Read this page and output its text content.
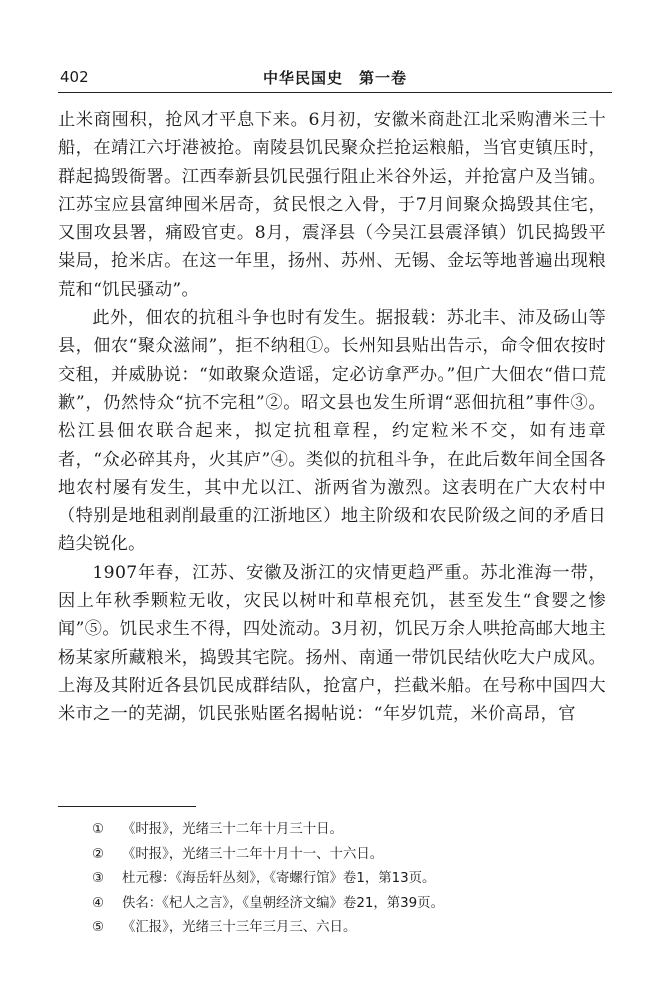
402	中华民国史　第一卷

止米商囤积，抢风才平息下来。6月初，安徽米商赴江北采购漕米三十船，在靖江六圩港被抢。南陵县饥民聚众拦抢运粮船，当官吏镇压时，群起捣毁衙署。江西奉新县饥民强行阻止米谷外运，并抢富户及当铺。江苏宝应县富绅囤米居奇，贫民恨之入骨，于7月间聚众捣毁其住宅，又围攻县署，痛殴官吏。8月，震泽县（今吴江县震泽镇）饥民捣毁平粜局，抢米店。在这一年里，扬州、苏州、无锡、金坛等地普遍出现粮荒和“饥民骚动”。

此外，佃农的抗租斗争也时有发生。据报载：苏北丰、沛及砀山等县，佃农“聚众滋闹”，拒不纳租①。长州知县贴出告示，命令佃农按时交租，并威胁说：“如敢聚众造谣，定必访拿严办。”但广大佃农“借口荒歉”，仍然恃众“抗不完租”②。昭文县也发生所谓“恶佃抗租”事件③。松江县佃农联合起来，拟定抗租章程，约定粒米不交，如有违章者，“众必碎其舟，火其庐”④。类似的抗租斗争，在此后数年间全国各地农村屡有发生，其中尤以江、浙两省为激烈。这表明在广大农村中（特别是地租剥削最重的江浙地区）地主阶级和农民阶级之间的矛盾日趋尖锐化。

1907年春，江苏、安徽及浙江的灾情更趋严重。苏北淮海一带，因上年秋季颗粒无收，灾民以树叶和草根充饥，甚至发生“食婴之惨闻”⑤。饥民求生不得，四处流动。3月初，饥民万余人哄抢高邮大地主杨某家所藏粮米，捣毁其宅院。扬州、南通一带饥民结伙吃大户成风。上海及其附近各县饥民成群结队，抢富户，拦截米船。在号称中国四大米市之一的芜湖，饥民张贴匿名揭帖说：“年岁饥荒，米价高昂，官

①	《时报》，光绪三十二年十月三十日。
②	《时报》，光绪三十二年十月十一、十六日。
③	杜元穆：《海岳轩丛刻》，《寄螺行馆》卷1，第13页。
④	佚名：《杞人之言》，《皇朝经济文编》卷21，第39页。
⑤	《汇报》，光绪三十三年三月三、六日。
